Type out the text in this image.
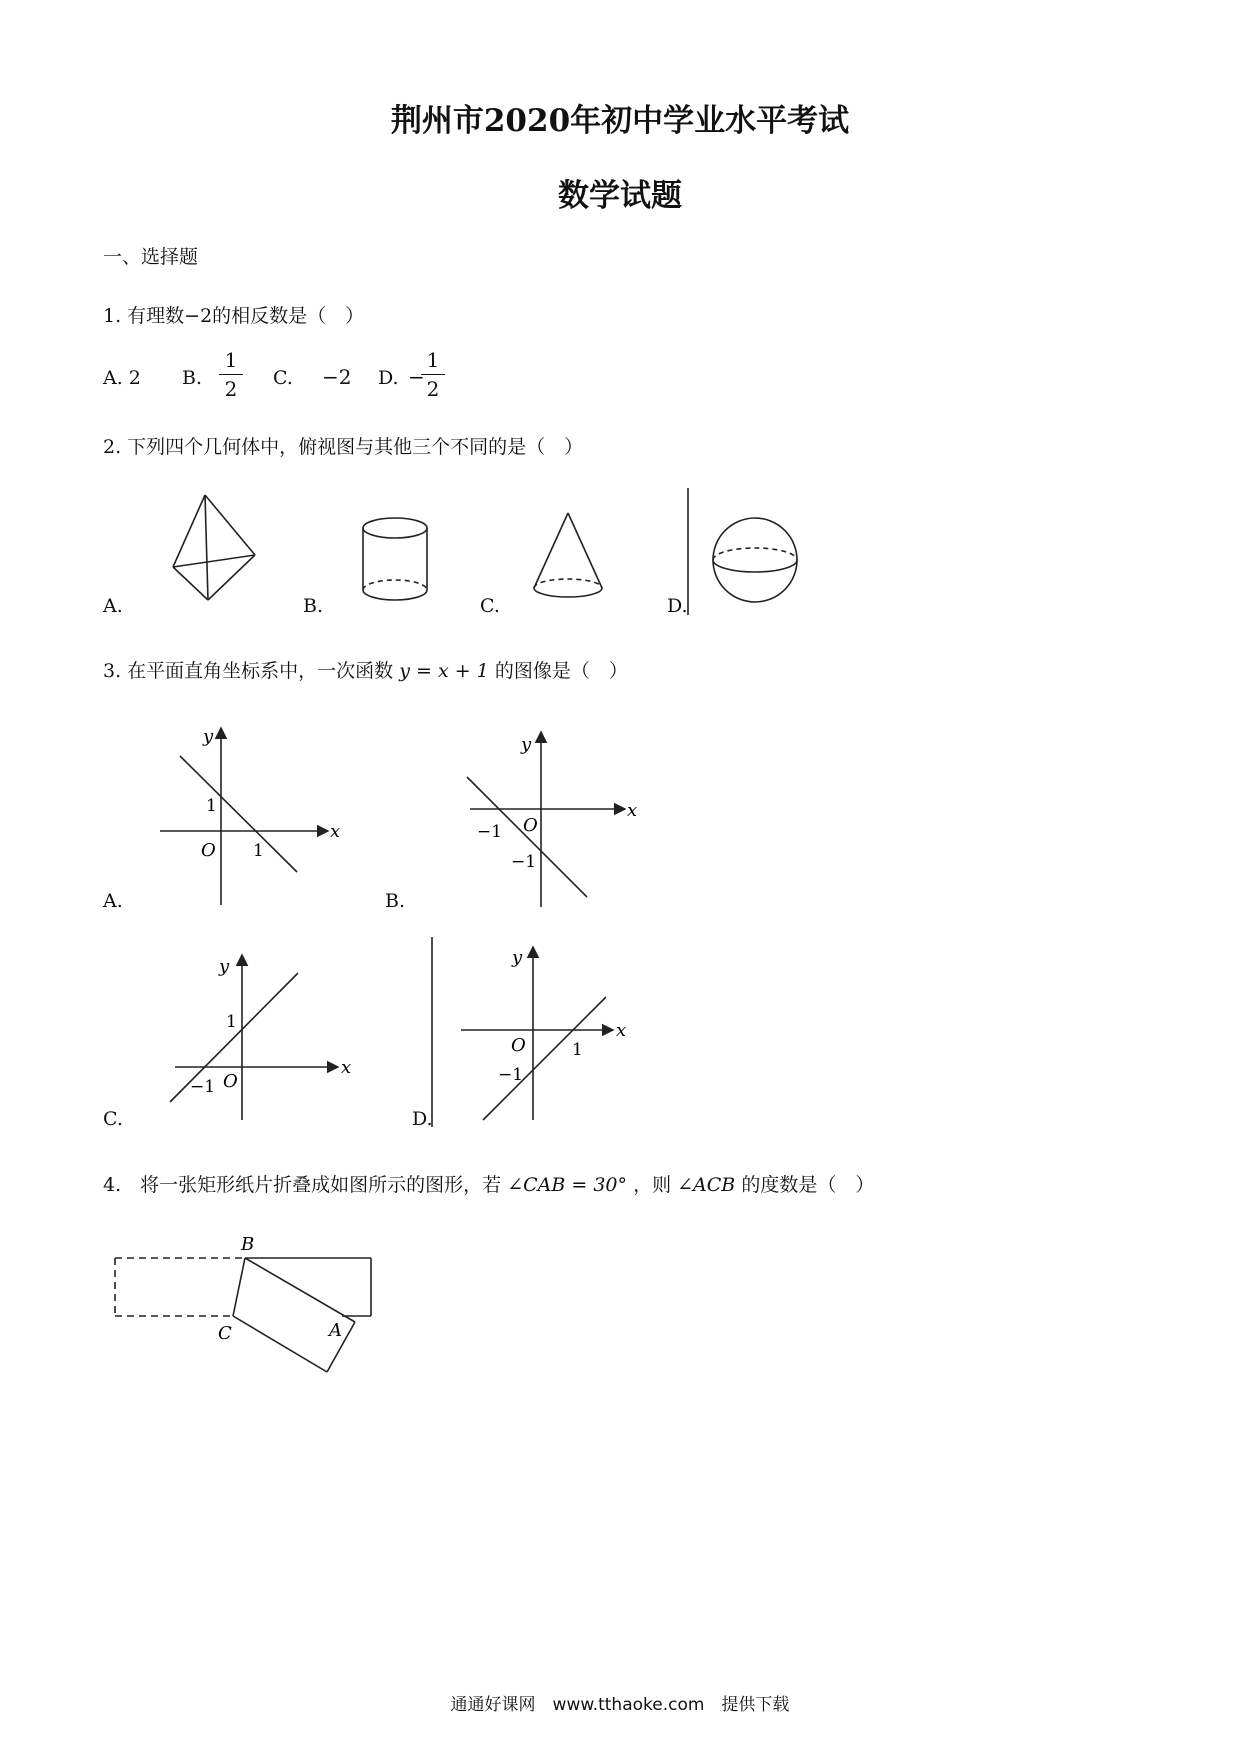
荆州市2020年初中学业水平考试
数学试题
一、选择题
1. 有理数−2的相反数是（　）
A. 2 B.
1
2 C. −2 D. −
1
2
2. 下列四个几何体中，俯视图与其他三个不同的是（　）
A.	B.	C.	D.
3. 在平面直角坐标系中，一次函数 y = x + 1 的图像是（　）
y
x
O
1
1
y
x
O
−1
−1
A.	B.
y
x
O
1
−1
y
x
O	1
−1
C.	D.
4.　将一张矩形纸片折叠成如图所示的图形，若 ∠CAB = 30° ，则 ∠ACB 的度数是（　）
B
C	A
通通好课网　www.tthaoke.com　提供下载
